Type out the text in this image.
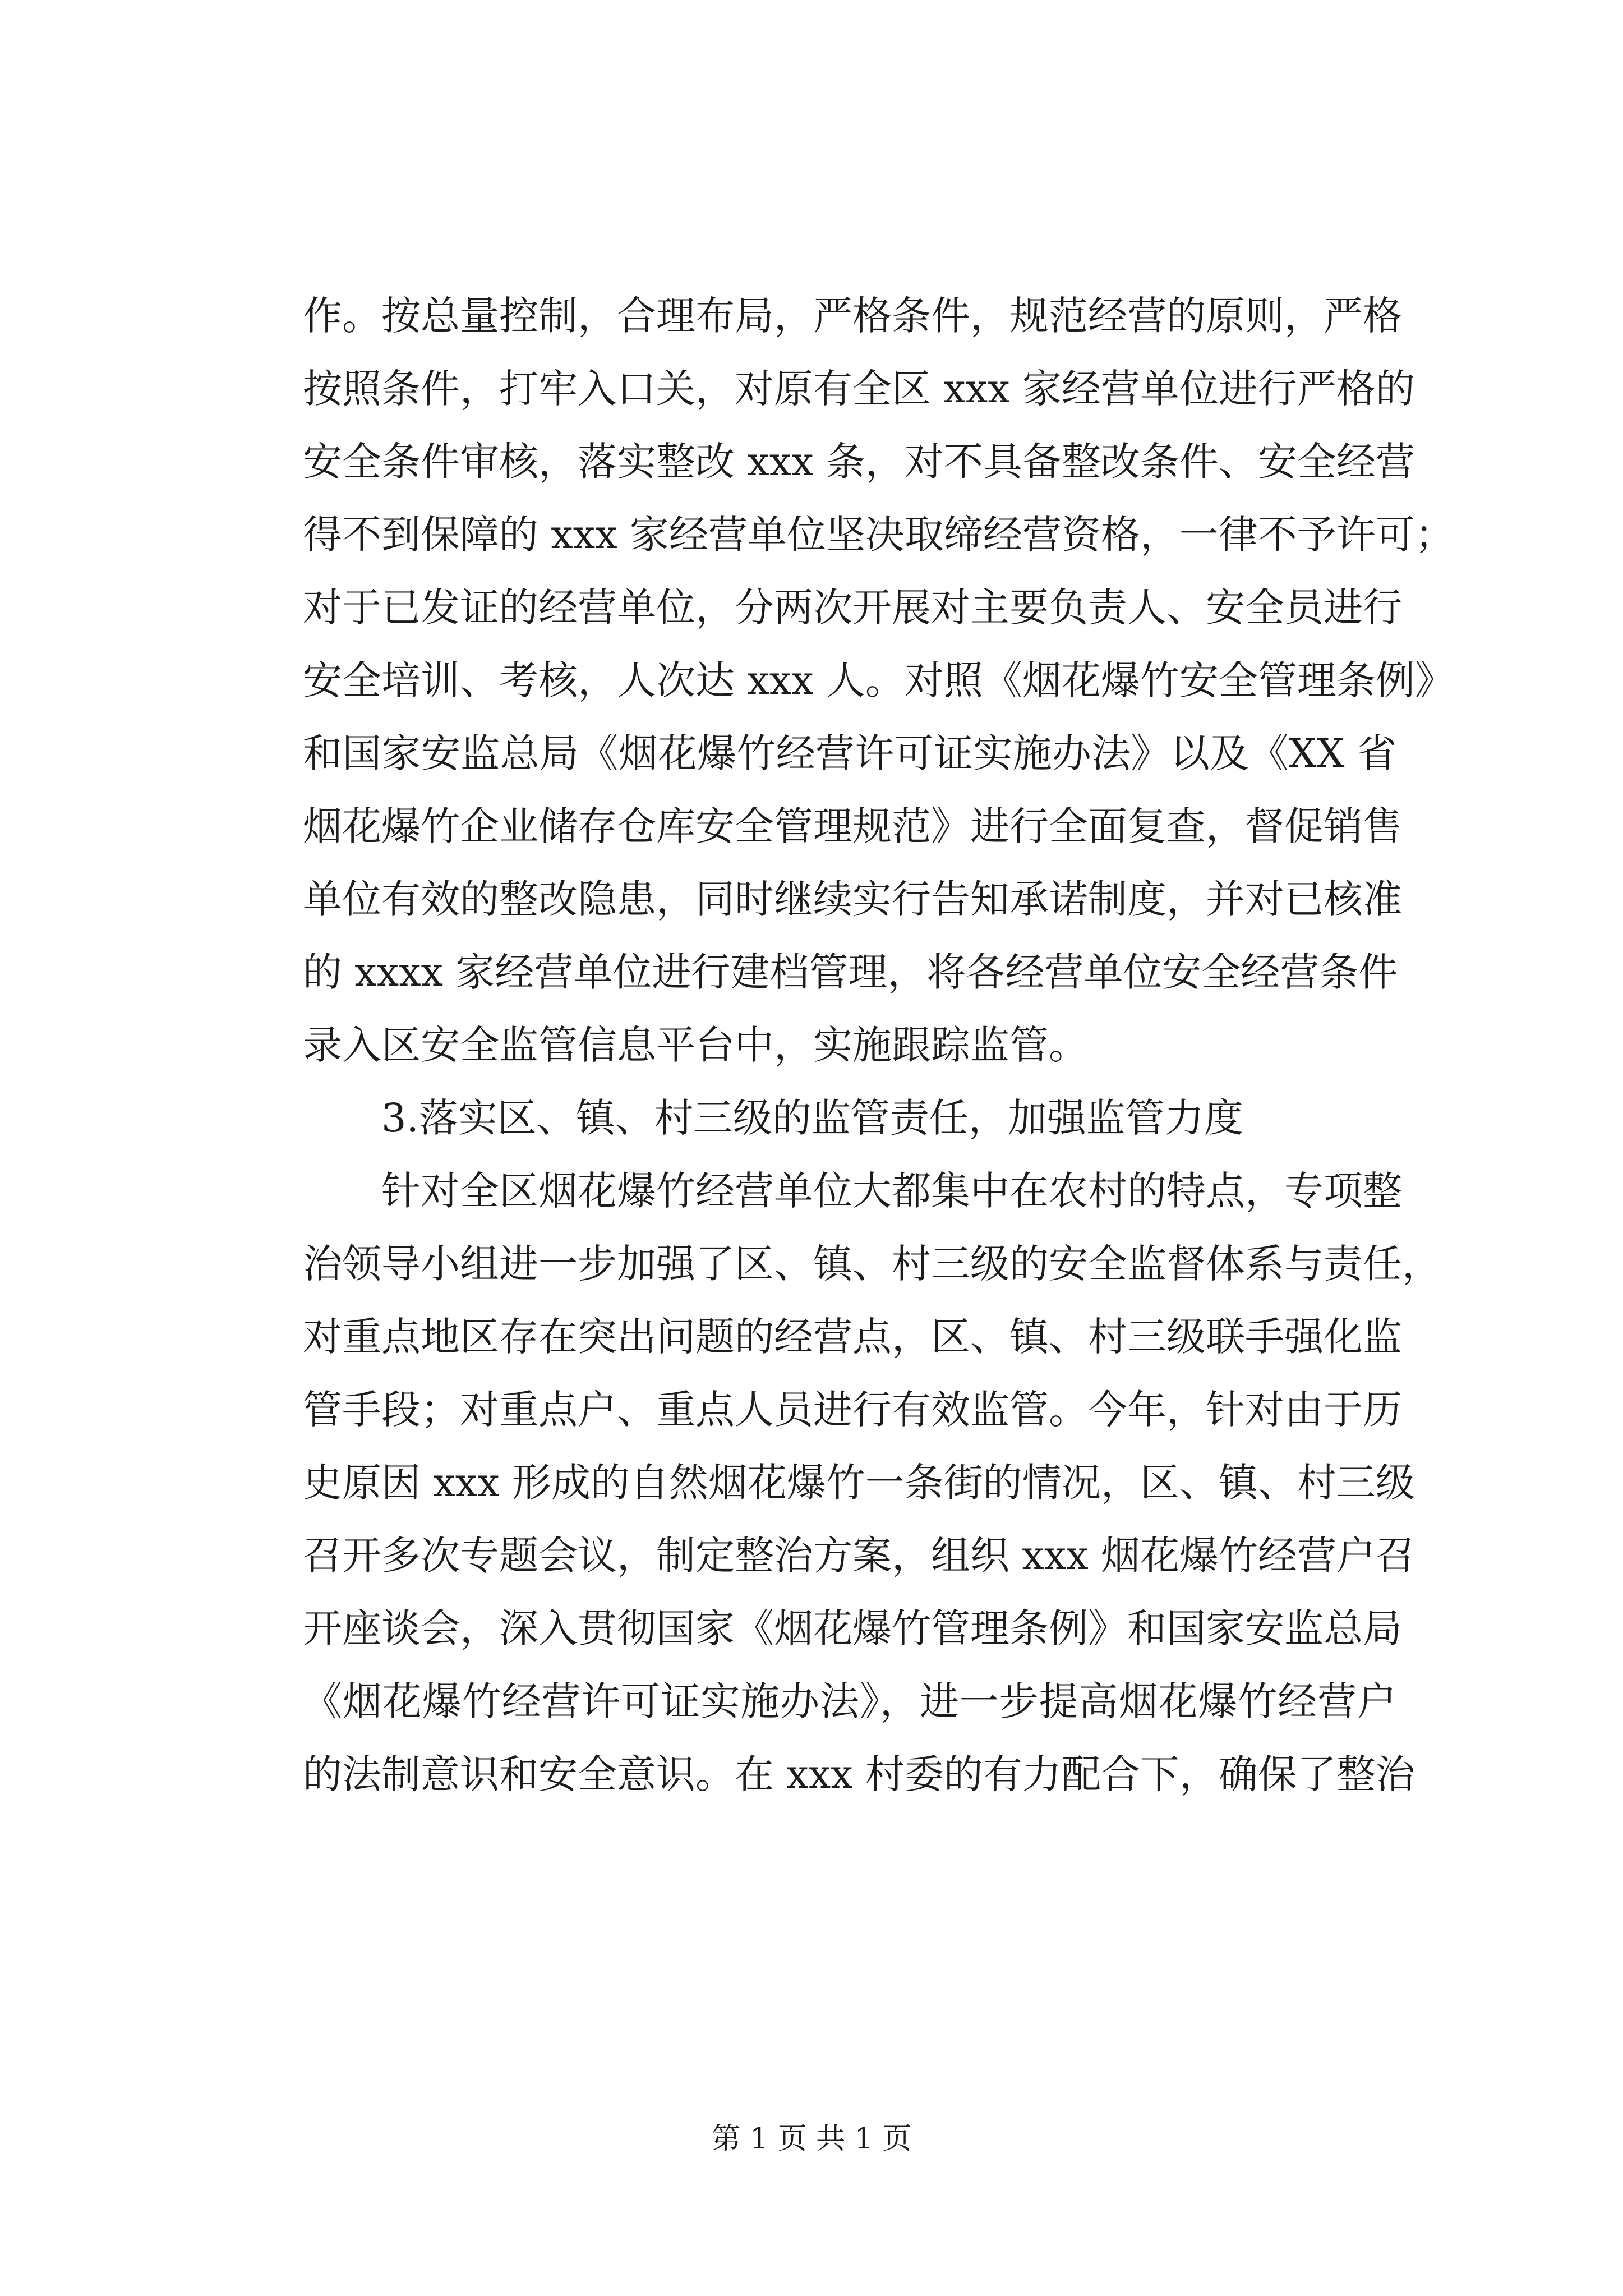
作。按总量控制，合理布局，严格条件，规范经营的原则，严格
按照条件，打牢入口关，对原有全区 xxx 家经营单位进行严格的
安全条件审核，落实整改 xxx 条，对不具备整改条件、安全经营
得不到保障的 xxx 家经营单位坚决取缔经营资格，一律不予许可；
对于已发证的经营单位，分两次开展对主要负责人、安全员进行
安全培训、考核，人次达 xxx 人。对照《烟花爆竹安全管理条例》
和国家安监总局《烟花爆竹经营许可证实施办法》以及《XX 省
烟花爆竹企业储存仓库安全管理规范》进行全面复查，督促销售
单位有效的整改隐患，同时继续实行告知承诺制度，并对已核准
的 xxxx 家经营单位进行建档管理，将各经营单位安全经营条件
录入区安全监管信息平台中，实施跟踪监管。
3.落实区、镇、村三级的监管责任，加强监管力度
针对全区烟花爆竹经营单位大都集中在农村的特点，专项整
治领导小组进一步加强了区、镇、村三级的安全监督体系与责任，
对重点地区存在突出问题的经营点，区、镇、村三级联手强化监
管手段；对重点户、重点人员进行有效监管。今年，针对由于历
史原因 xxx 形成的自然烟花爆竹一条街的情况，区、镇、村三级
召开多次专题会议，制定整治方案，组织 xxx 烟花爆竹经营户召
开座谈会，深入贯彻国家《烟花爆竹管理条例》和国家安监总局
《烟花爆竹经营许可证实施办法》，进一步提高烟花爆竹经营户
的法制意识和安全意识。在 xxx 村委的有力配合下，确保了整治
第 1 页 共 1 页
